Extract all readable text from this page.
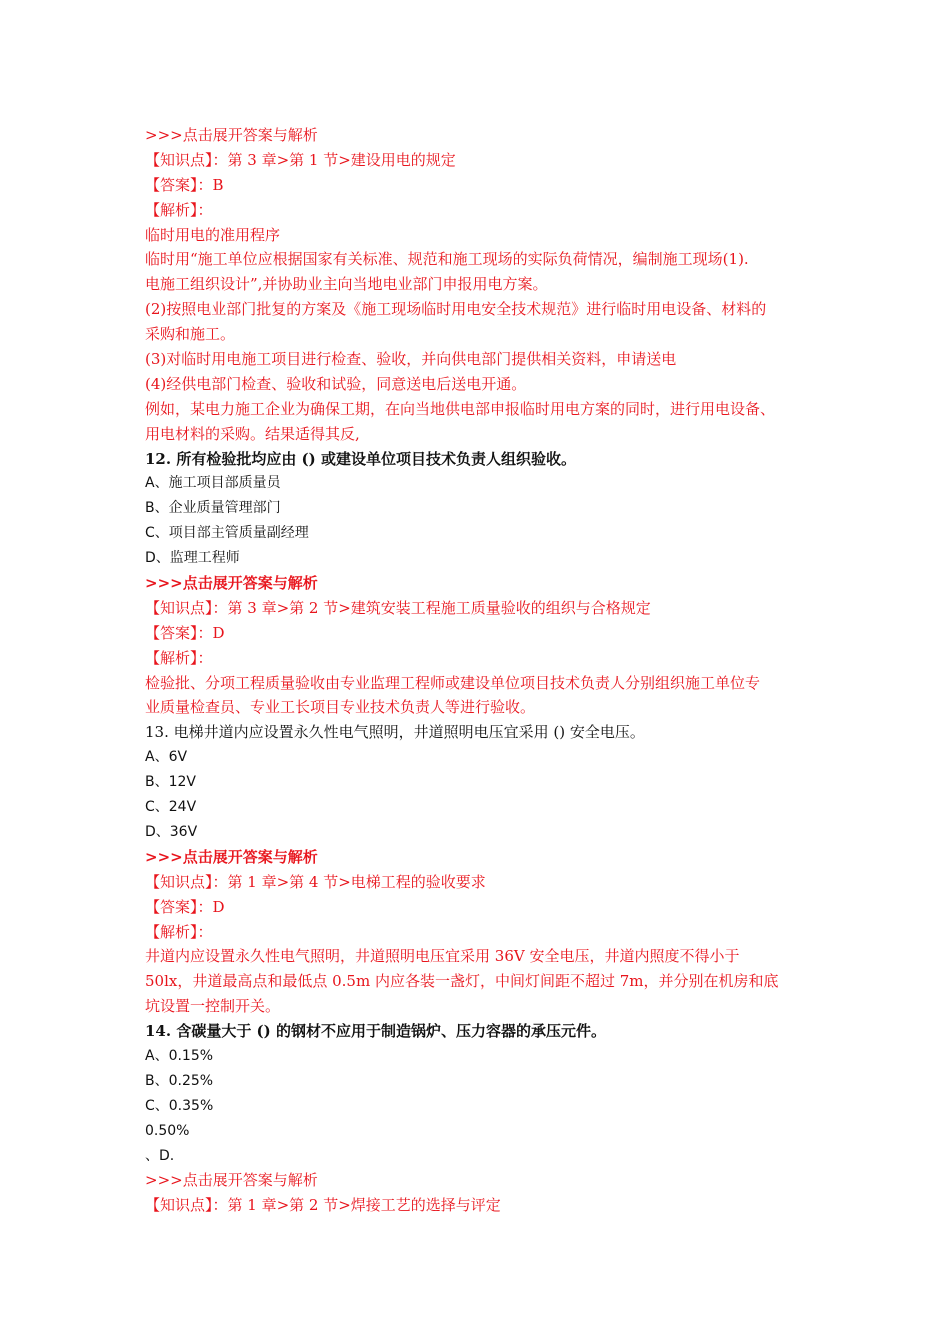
>>>点击展开答案与解析
【知识点】：第 3 章>第 1 节>建设用电的规定
【答案】：B
【解析】：
临时用电的准用程序
临时用“施工单位应根据国家有关标准、规范和施工现场的实际负荷情况，编制施工现场(1).
电施工组织设计”,并协助业主向当地电业部门申报用电方案。
(2)按照电业部门批复的方案及《施工现场临时用电安全技术规范》进行临时用电设备、材料的
采购和施工。
(3)对临时用电施工项目进行检查、验收，并向供电部门提供相关资料，申请送电
(4)经供电部门检查、验收和试验，同意送电后送电开通。
例如，某电力施工企业为确保工期，在向当地供电部申报临时用电方案的同时，进行用电设备、
用电材料的采购。结果适得其反,
12. 所有检验批均应由 () 或建设单位项目技术负责人组织验收。
A、施工项目部质量员
B、企业质量管理部门
C、项目部主管质量副经理
D、监理工程师
>>>点击展开答案与解析
【知识点】：第 3 章>第 2 节>建筑安装工程施工质量验收的组织与合格规定
【答案】：D
【解析】：
检验批、分项工程质量验收由专业监理工程师或建设单位项目技术负责人分别组织施工单位专
业质量检查员、专业工长项目专业技术负责人等进行验收。
13. 电梯井道内应设置永久性电气照明，井道照明电压宜采用 () 安全电压。
A、6V
B、12V
C、24V
D、36V
>>>点击展开答案与解析
【知识点】：第 1 章>第 4 节>电梯工程的验收要求
【答案】：D
【解析】：
井道内应设置永久性电气照明，井道照明电压宜采用 36V 安全电压，井道内照度不得小于
50lx，井道最高点和最低点 0.5m 内应各装一盏灯，中间灯间距不超过 7m，并分别在机房和底
坑设置一控制开关。
14. 含碳量大于 () 的钢材不应用于制造锅炉、压力容器的承压元件。
A、0.15%
B、0.25%
C、0.35%
0.50%
、D.
>>>点击展开答案与解析
【知识点】：第 1 章>第 2 节>焊接工艺的选择与评定
